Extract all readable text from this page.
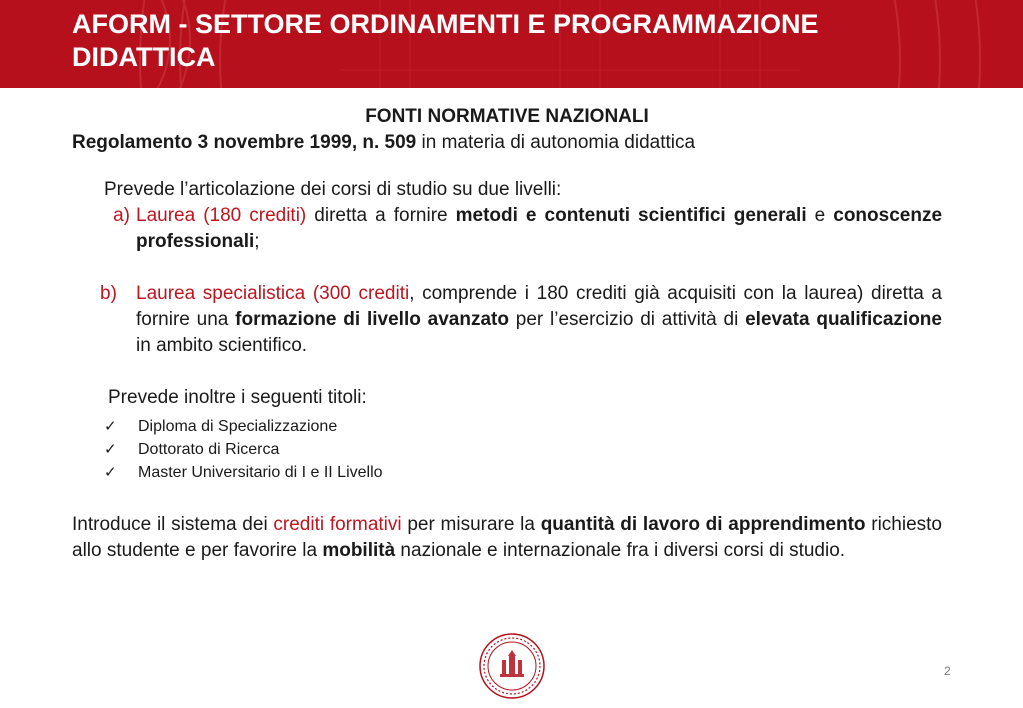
AFORM - SETTORE ORDINAMENTI E PROGRAMMAZIONE
DIDATTICA

FONTI NORMATIVE NAZIONALI

Regolamento 3 novembre 1999, n. 509 in materia di autonomia didattica

Prevede l’articolazione dei corsi di studio su due livelli:

a) Laurea (180 crediti) diretta a fornire metodi e contenuti scientifici generali e conoscenze professionali;
b)	Laurea specialistica (300 crediti, comprende i 180 crediti già acquisiti con la laurea) diretta a fornire una formazione di livello avanzato per l’esercizio di attività di elevata qualificazione in ambito scientifico.

Prevede inoltre i seguenti titoli:

✓	Diploma di Specializzazione
✓	Dottorato di Ricerca
✓	Master Universitario di I e II Livello

Introduce il sistema dei crediti formativi per misurare la quantità di lavoro di apprendimento richiesto allo studente e per favorire la mobilità nazionale e internazionale fra i diversi corsi di studio.

2
